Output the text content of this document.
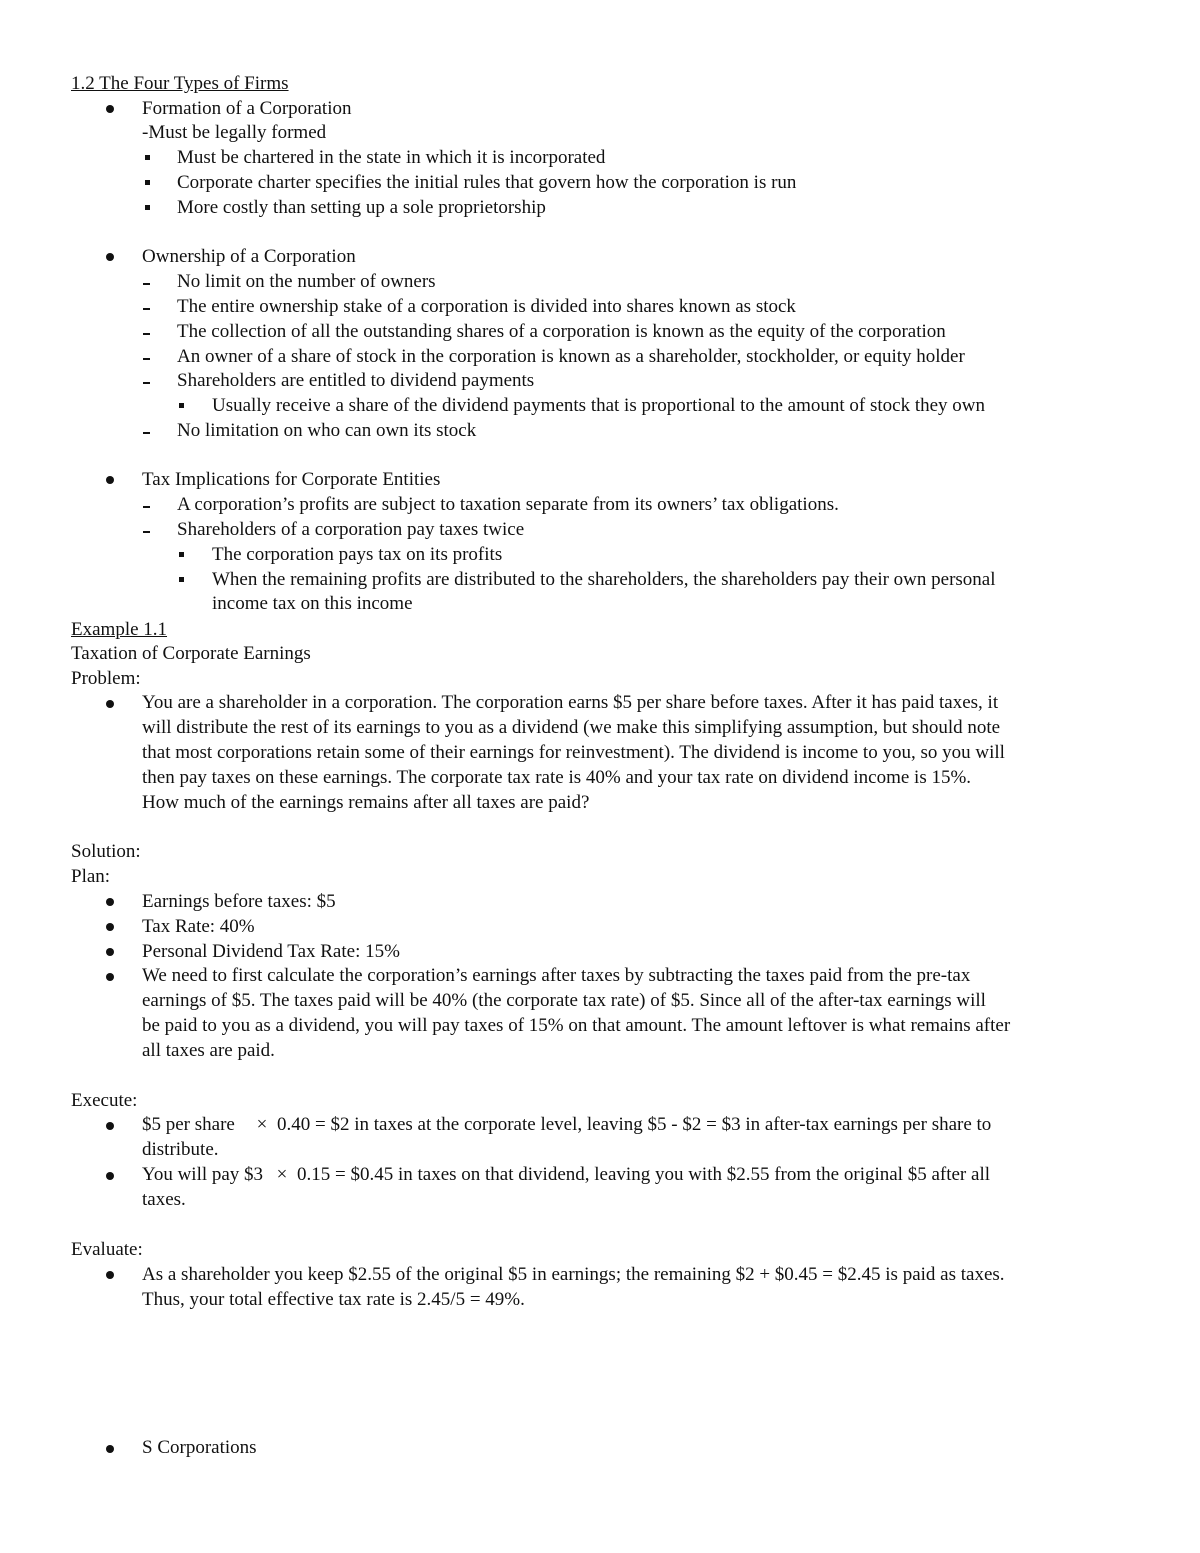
1.2 The Four Types of Firms
Formation of a Corporation
-Must be legally formed
Must be chartered in the state in which it is incorporated
Corporate charter specifies the initial rules that govern how the corporation is run
More costly than setting up a sole proprietorship
Ownership of a Corporation
No limit on the number of owners
The entire ownership stake of a corporation is divided into shares known as stock
The collection of all the outstanding shares of a corporation is known as the equity of the corporation
An owner of a share of stock in the corporation is known as a shareholder, stockholder, or equity holder
Shareholders are entitled to dividend payments
Usually receive a share of the dividend payments that is proportional to the amount of stock they own
No limitation on who can own its stock
Tax Implications for Corporate Entities
A corporation’s profits are subject to taxation separate from its owners’ tax obligations.
Shareholders of a corporation pay taxes twice
The corporation pays tax on its profits
When the remaining profits are distributed to the shareholders, the shareholders pay their own personal
income tax on this income
Example 1.1
Taxation of Corporate Earnings
Problem:
You are a shareholder in a corporation. The corporation earns $5 per share before taxes. After it has paid taxes, it
will distribute the rest of its earnings to you as a dividend (we make this simplifying assumption, but should note
that most corporations retain some of their earnings for reinvestment). The dividend is income to you, so you will
then pay taxes on these earnings. The corporate tax rate is 40% and your tax rate on dividend income is 15%.
How much of the earnings remains after all taxes are paid?
Solution:
Plan:
Earnings before taxes: $5
Tax Rate: 40%
Personal Dividend Tax Rate: 15%
We need to first calculate the corporation’s earnings after taxes by subtracting the taxes paid from the pre-tax
earnings of $5. The taxes paid will be 40% (the corporate tax rate) of $5. Since all of the after-tax earnings will
be paid to you as a dividend, you will pay taxes of 15% on that amount. The amount leftover is what remains after
all taxes are paid.
Execute:
$5 per share	× 0.40 = $2 in taxes at the corporate level, leaving $5 - $2 = $3 in after-tax earnings per share to
distribute.
You will pay $3 × 0.15 = $0.45 in taxes on that dividend, leaving you with $2.55 from the original $5 after all
taxes.
Evaluate:
As a shareholder you keep $2.55 of the original $5 in earnings; the remaining $2 + $0.45 = $2.45 is paid as taxes.
Thus, your total effective tax rate is 2.45/5 = 49%.
S Corporations
